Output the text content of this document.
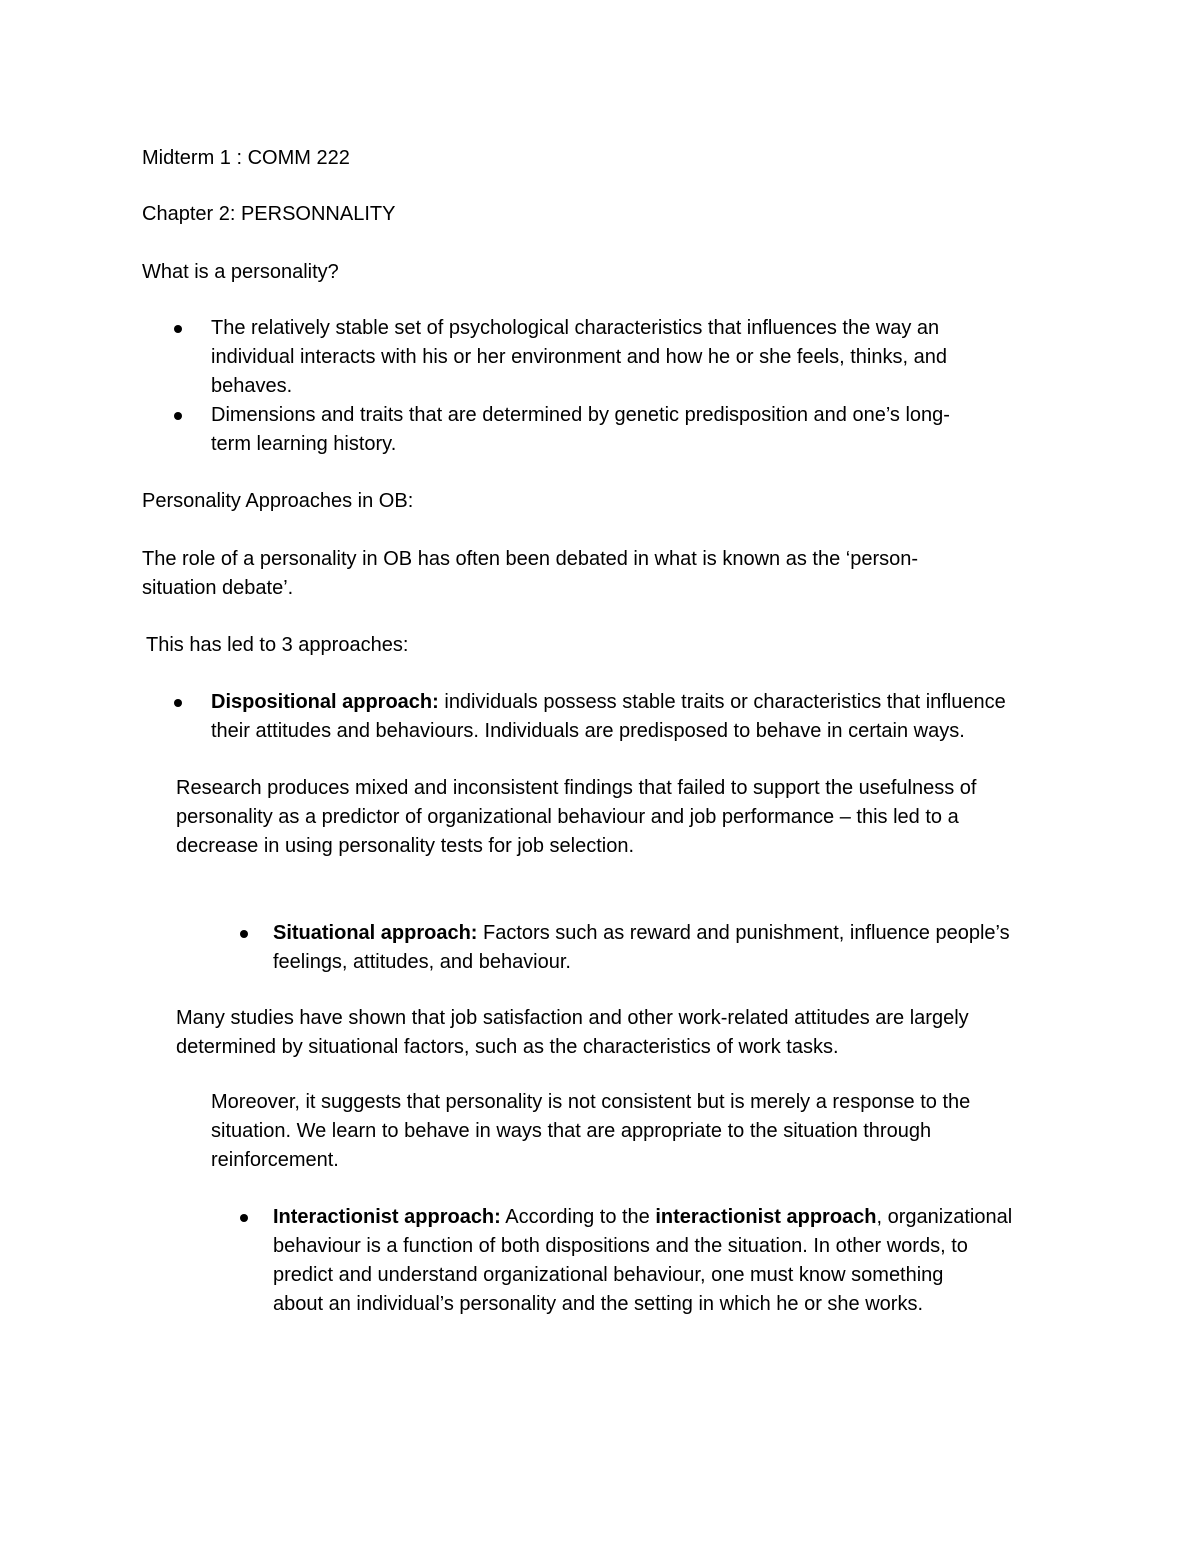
Midterm 1 : COMM 222
Chapter 2: PERSONNALITY
What is a personality?
The relatively stable set of psychological characteristics that influences the way an
individual interacts with his or her environment and how he or she feels, thinks, and
behaves.
Dimensions and traits that are determined by genetic predisposition and one’s long-
term learning history.
Personality Approaches in OB:
The role of a personality in OB has often been debated in what is known as the ‘person-
situation debate’.
This has led to 3 approaches:
Dispositional approach: individuals possess stable traits or characteristics that influence
their attitudes and behaviours. Individuals are predisposed to behave in certain ways.
Research produces mixed and inconsistent findings that failed to support the usefulness of
personality as a predictor of organizational behaviour and job performance – this led to a
decrease in using personality tests for job selection.
Situational approach: Factors such as reward and punishment, influence people’s
feelings, attitudes, and behaviour.
Many studies have shown that job satisfaction and other work-related attitudes are largely
determined by situational factors, such as the characteristics of work tasks.
Moreover, it suggests that personality is not consistent but is merely a response to the
situation. We learn to behave in ways that are appropriate to the situation through
reinforcement.
Interactionist approach: According to the interactionist approach, organizational
behaviour is a function of both dispositions and the situation. In other words, to
predict and understand organizational behaviour, one must know something
about an individual’s personality and the setting in which he or she works.
